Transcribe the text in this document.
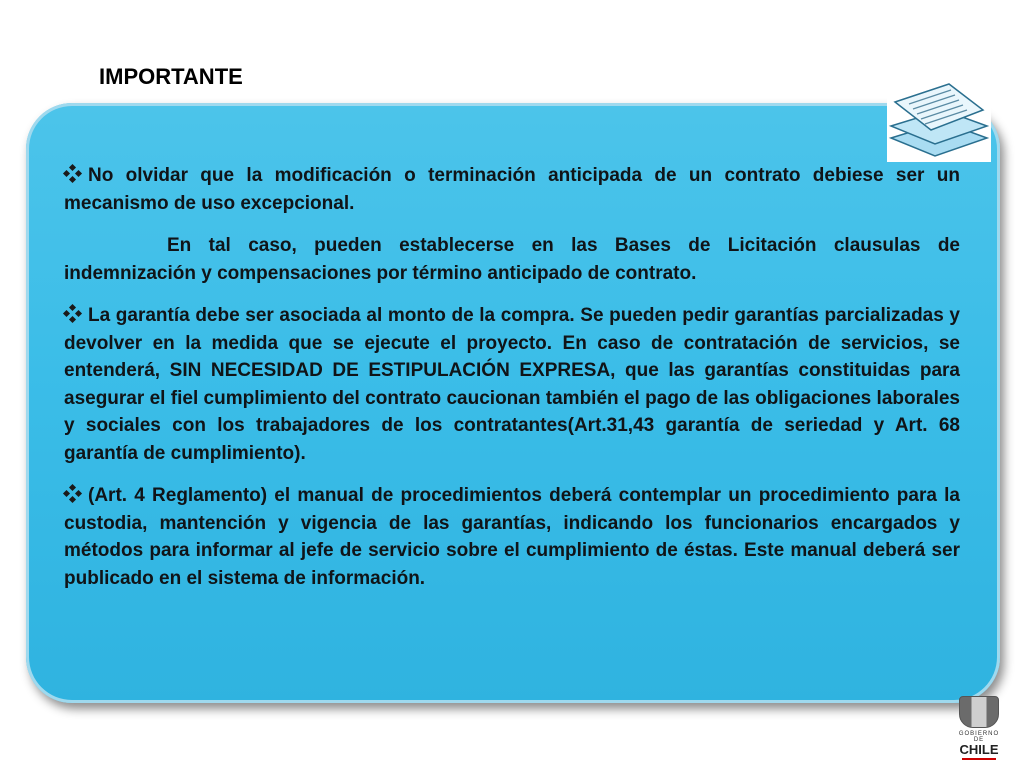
IMPORTANTE

No olvidar que la modificación o terminación anticipada de un contrato debiese ser un mecanismo de uso excepcional.

En tal caso, pueden establecerse en las Bases de Licitación clausulas de indemnización y compensaciones por término anticipado de contrato.

La garantía debe ser asociada al monto de la compra. Se pueden pedir garantías parcializadas y devolver en la medida que se ejecute el proyecto. En caso de contratación de servicios, se entenderá, SIN NECESIDAD DE ESTIPULACIÓN EXPRESA, que las garantías constituidas para asegurar el fiel cumplimiento del contrato caucionan también el pago de las obligaciones laborales y sociales con los trabajadores de los contratantes(Art.31,43 garantía de seriedad y Art. 68 garantía de cumplimiento).

(Art. 4 Reglamento) el manual de procedimientos deberá contemplar un procedimiento para la custodia, mantención y vigencia de las garantías, indicando los funcionarios encargados y métodos para informar al jefe de servicio sobre el cumplimiento de éstas. Este manual deberá ser publicado en el sistema de información.

GOBIERNO DE
CHILE
